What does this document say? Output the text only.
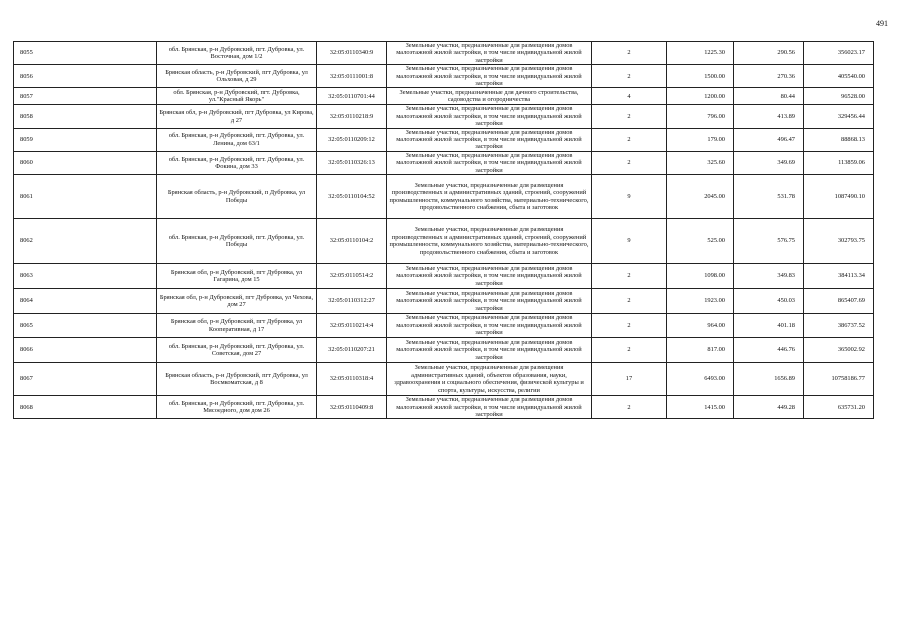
491
8055	обл. Брянская, р-н Дубровский, пгт. Дубровка, ул. Восточная, дом 1/2	32:05:0110340:9	Земельные участки, предназначенные для размещения домов малоэтажной жилой застройки, в том числе индивидуальной жилой застройки	2	1225.30	290.56	356023.17
8056	Брянская область, р-н Дубровский, пгт Дубровка, ул Ольховая, д 29	32:05:0111001:8	Земельные участки, предназначенные для размещения домов малоэтажной жилой застройки, в том числе индивидуальной жилой застройки	2	1500.00	270.36	405540.00
8057	обл. Брянская, р-н Дубровский, пгт. Дубровка, ул."Красный Якорь"	32:05:0110701:44	Земельные участки, предназначенные для дачного строительства, садоводства и огородничества	4	1200.00	80.44	96528.00
8058	Брянская обл, р-н Дубровский, пгт Дубровка, ул Кирова, д 27	32:05:0110218:9	Земельные участки, предназначенные для размещения домов малоэтажной жилой застройки, в том числе индивидуальной жилой застройки	2	796.00	413.89	329456.44
8059	обл. Брянская, р-н Дубровский, пгт. Дубровка, ул. Ленина, дом 63/1	32:05:0110209:12	Земельные участки, предназначенные для размещения домов малоэтажной жилой застройки, в том числе индивидуальной жилой застройки	2	179.00	496.47	88868.13
8060	обл. Брянская, р-н Дубровский, пгт. Дубровка, ул. Фокина, дом 33	32:05:0110326:13	Земельные участки, предназначенные для размещения домов малоэтажной жилой застройки, в том числе индивидуальной жилой застройки	2	325.60	349.69	113859.06
8061	Брянская область, р-н Дубровский, п Дубровка, ул Победы	32:05:0110104:52	Земельные участки, предназначенные для размещения производственных и административных зданий, строений, сооружений промышленности, коммунального хозяйства, материально-технического, продовольственного снабжения, сбыта и заготовок	9	2045.00	531.78	1087490.10
8062	обл. Брянская, р-н Дубровский, пгт. Дубровка, ул. Победы	32:05:0110104:2	Земельные участки, предназначенные для размещения производственных и административных зданий, строений, сооружений промышленности, коммунального хозяйства, материально-технического, продовольственного снабжения, сбыта и заготовок	9	525.00	576.75	302793.75
8063	Брянская обл, р-н Дубровский, пгт Дубровка, ул Гагарина, дом 15	32:05:0110514:2	Земельные участки, предназначенные для размещения домов малоэтажной жилой застройки, в том числе индивидуальной жилой застройки	2	1098.00	349.83	384113.34
8064	Брянская обл, р-н Дубровский, пгт Дубровка, ул Чехова, дом 27	32:05:0110312:27	Земельные участки, предназначенные для размещения домов малоэтажной жилой застройки, в том числе индивидуальной жилой застройки	2	1923.00	450.03	865407.69
8065	Брянская обл, р-н Дубровский, пгт Дубровка, ул Кооперативная, д 17	32:05:0110214:4	Земельные участки, предназначенные для размещения домов малоэтажной жилой застройки, в том числе индивидуальной жилой застройки	2	964.00	401.18	386737.52
8066	обл. Брянская, р-н Дубровский, пгт. Дубровка, ул. Советская, дом 27	32:05:0110207:21	Земельные участки, предназначенные для размещения домов малоэтажной жилой застройки, в том числе индивидуальной жилой застройки	2	817.00	446.76	365002.92
8067	Брянская область, р-н Дубровский, пгт Дубровка, ул Восмкоматская, д 8	32:05:0110318:4	Земельные участки, предназначенные для размещения административных зданий, объектов образования, науки, здравоохранения и социального обеспечения, физической культуры и спорта, культуры, искусства, религии	17	6493.00	1656.89	10758186.77
8068	обл. Брянская, р-н Дубровский, пгт. Дубровка, ул. Мясоедного, дом дом 26	32:05:0110409:8	Земельные участки, предназначенные для размещения домов малоэтажной жилой застройки, в том числе индивидуальной жилой застройки	2	1415.00	449.28	635731.20
